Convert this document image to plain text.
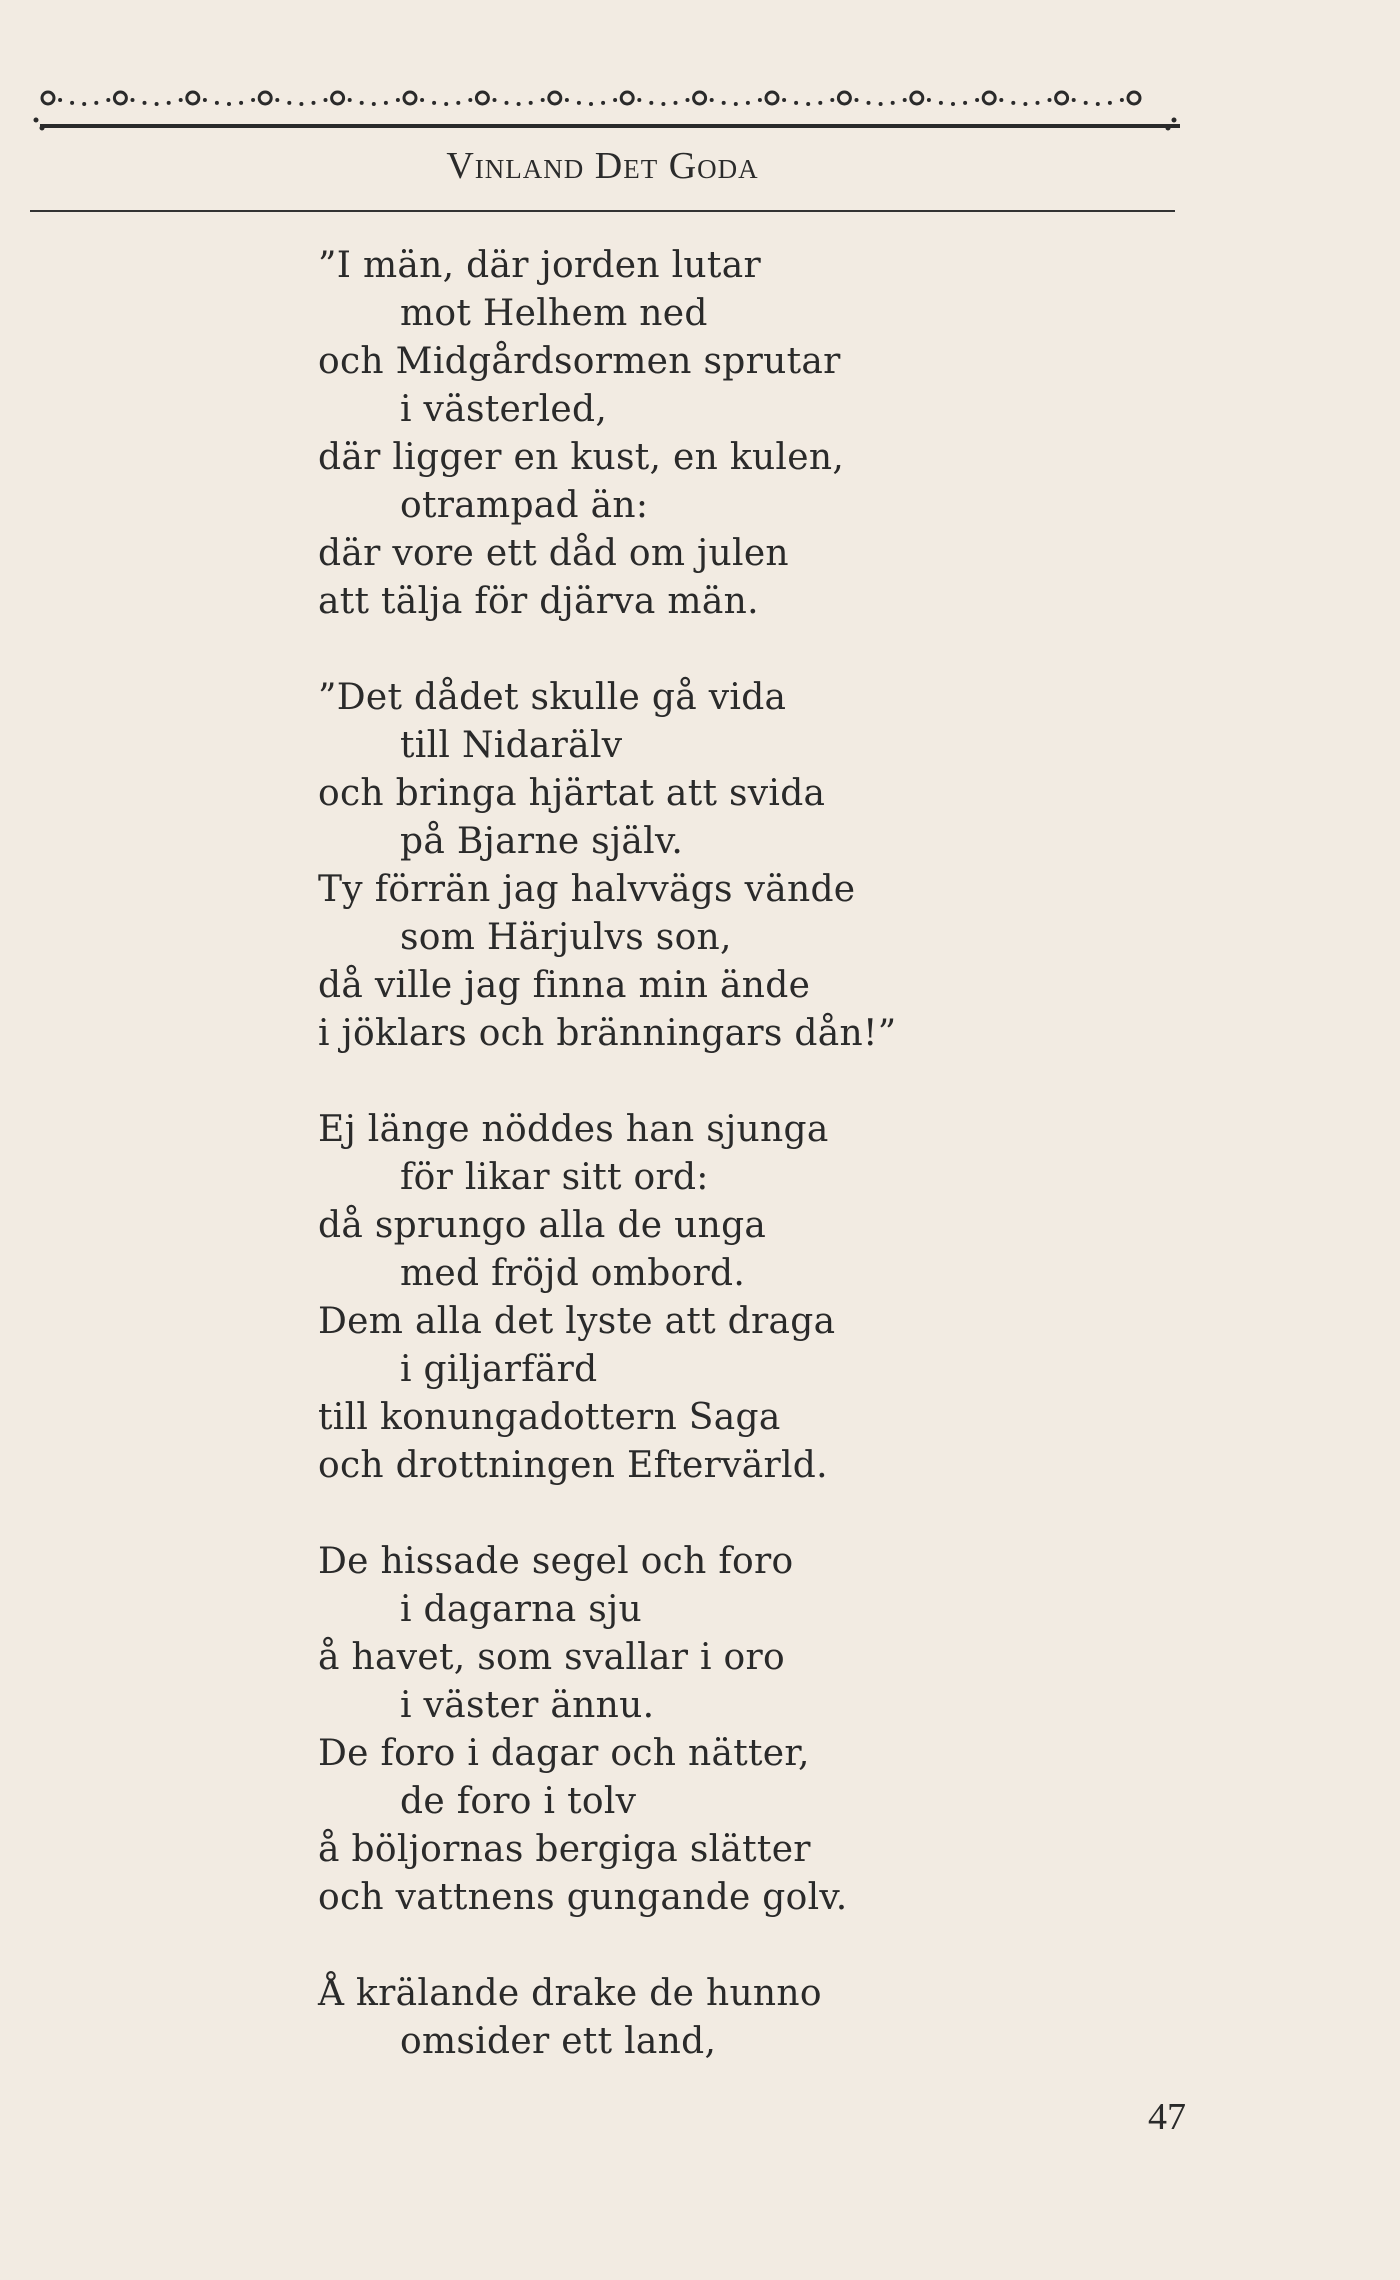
Vinland Det Goda
”I män, där jorden lutar
mot Helhem ned
och Midgårdsormen sprutar
i västerled,
där ligger en kust, en kulen,
otrampad än:
där vore ett dåd om julen
att tälja för djärva män.
”Det dådet skulle gå vida
till Nidarälv
och bringa hjärtat att svida
på Bjarne själv.
Ty förrän jag halvvägs vände
som Härjulvs son,
då ville jag finna min ände
i jöklars och bränningars dån!”
Ej länge nöddes han sjunga
för likar sitt ord:
då sprungo alla de unga
med fröjd ombord.
Dem alla det lyste att draga
i giljarfärd
till konungadottern Saga
och drottningen Eftervärld.
De hissade segel och foro
i dagarna sju
å havet, som svallar i oro
i väster ännu.
De foro i dagar och nätter,
de foro i tolv
å böljornas bergiga slätter
och vattnens gungande golv.
Å krälande drake de hunno
omsider ett land,
47
